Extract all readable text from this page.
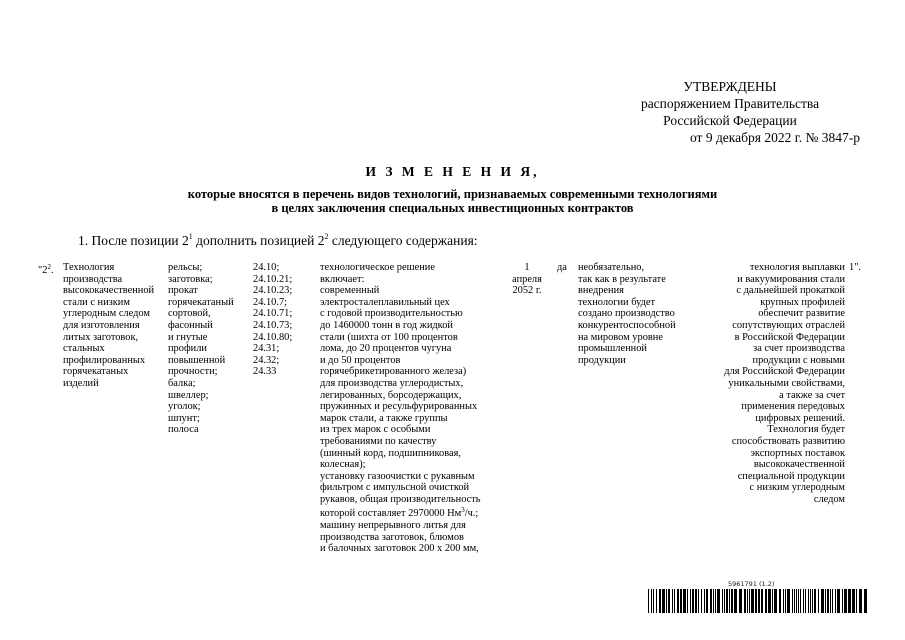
УТВЕРЖДЕНЫ
распоряжением Правительства
Российской Федерации
от 9 декабря 2022 г. № 3847-р
И З М Е Н Е Н И Я,
которые вносятся в перечень видов технологий, признаваемых современными технологиями
в целях заключения специальных инвестиционных контрактов
1. После позиции $2^1$ дополнить позицией $2^2$ следующего содержания:
"$2^2$. Технология
производства
высококачественной
стали с низким
углеродным следом
для изготовления
литых заготовок,
стальных
профилированных
горячекатаных
изделий
рельсы;
заготовка;
прокат
горячекатаный
сортовой,
фасонный
и гнутые
профили
повышенной
прочности;
балка;
швеллер;
уголок;
шпунт;
полоса
24.10;
24.10.21;
24.10.23;
24.10.7;
24.10.71;
24.10.73;
24.10.80;
24.31;
24.32;
24.33
технологическое решение
включает:
современный
электросталеплавильный цех
с годовой производительностью
до 1460000 тонн в год жидкой
стали (шихта от 100 процентов
лома, до 20 процентов чугуна
и до 50 процентов
горячебрикетированного железа)
для производства углеродистых,
легированных, борсодержащих,
пружинных и ресульфурированных
марок стали, а также группы
из трех марок с особыми
требованиями по качеству
(шинный корд, подшипниковая,
колесная);
установку газоочистки с рукавным
фильтром с импульсной очисткой
рукавов, общая производительность
которой составляет 2970000 $Нм^3/ч$.;
машину непрерывного литья для
производства заготовок, блюмов
и балочных заготовок 200 х 200 мм,
1
апреля
2052 г.
да необязательно,
так как в результате
внедрения
технологии будет
создано производство
конкурентоспособной
на мировом уровне
промышленной
продукции
технология выплавки
и вакуумирования стали
с дальнейшей прокаткой
крупных профилей
обеспечит развитие
сопутствующих отраслей
в Российской Федерации
за счет производства
продукции с новыми
для Российской Федерации
уникальными свойствами,
а также за счет
применения передовых
цифровых решений.
Технология будет
способствовать развитию
экспортных поставок
высококачественной
специальной продукции
с низким углеродным
следом
1".
5961791 (1.2)
